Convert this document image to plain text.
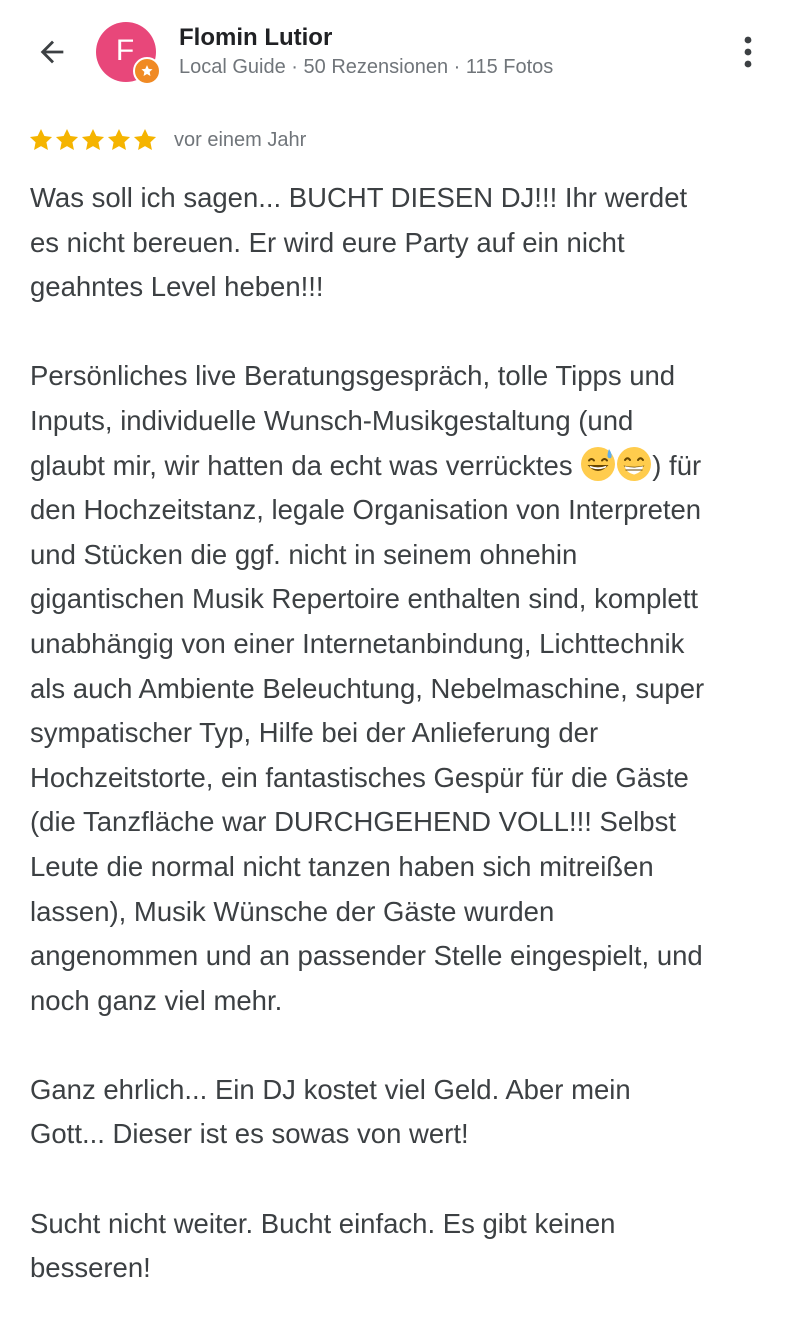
F Flomin Lutior
Local Guide · 50 Rezensionen · 115 Fotos
vor einem Jahr

Was soll ich sagen... BUCHT DIESEN DJ!!! Ihr werdet
es nicht bereuen. Er wird eure Party auf ein nicht
geahntes Level heben!!!

Persönliches live Beratungsgespräch, tolle Tipps und
Inputs, individuelle Wunsch-Musikgestaltung (und
glaubt mir, wir hatten da echt was verrücktes	) für
den Hochzeitstanz, legale Organisation von Interpreten
und Stücken die ggf. nicht in seinem ohnehin
gigantischen Musik Repertoire enthalten sind, komplett
unabhängig von einer Internetanbindung, Lichttechnik
als auch Ambiente Beleuchtung, Nebelmaschine, super
sympatischer Typ, Hilfe bei der Anlieferung der
Hochzeitstorte, ein fantastisches Gespür für die Gäste
(die Tanzfläche war DURCHGEHEND VOLL!!! Selbst
Leute die normal nicht tanzen haben sich mitreißen
lassen), Musik Wünsche der Gäste wurden
angenommen und an passender Stelle eingespielt, und
noch ganz viel mehr.

Ganz ehrlich... Ein DJ kostet viel Geld. Aber mein
Gott... Dieser ist es sowas von wert!

Sucht nicht weiter. Bucht einfach. Es gibt keinen
besseren!
